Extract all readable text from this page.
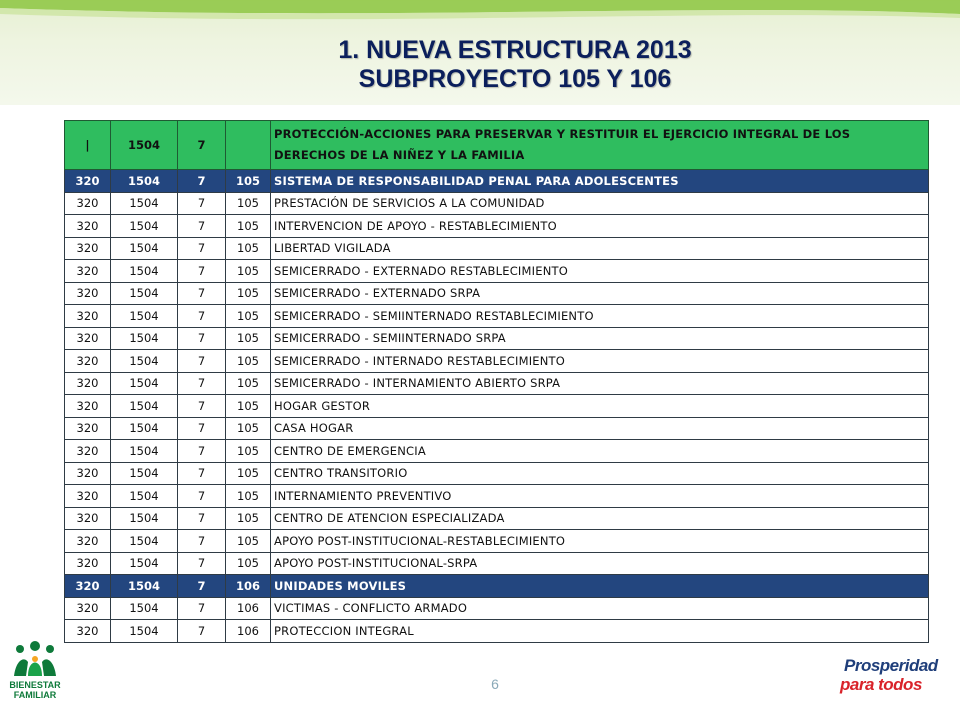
1. NUEVA ESTRUCTURA 2013
SUBPROYECTO 105 Y 106
|	1504	7		PROTECCIÓN-ACCIONES PARA PRESERVAR Y RESTITUIR EL EJERCICIO INTEGRAL DE LOS DERECHOS DE LA NIÑEZ Y LA FAMILIA
320	1504	7	105	SISTEMA DE RESPONSABILIDAD PENAL PARA ADOLESCENTES
320	1504	7	105	PRESTACIÓN DE SERVICIOS A LA COMUNIDAD
320	1504	7	105	INTERVENCION DE APOYO - RESTABLECIMIENTO
320	1504	7	105	LIBERTAD VIGILADA
320	1504	7	105	SEMICERRADO - EXTERNADO RESTABLECIMIENTO
320	1504	7	105	SEMICERRADO - EXTERNADO SRPA
320	1504	7	105	SEMICERRADO - SEMIINTERNADO RESTABLECIMIENTO
320	1504	7	105	SEMICERRADO - SEMIINTERNADO SRPA
320	1504	7	105	SEMICERRADO - INTERNADO RESTABLECIMIENTO
320	1504	7	105	SEMICERRADO - INTERNAMIENTO ABIERTO SRPA
320	1504	7	105	HOGAR GESTOR
320	1504	7	105	CASA HOGAR
320	1504	7	105	CENTRO DE EMERGENCIA
320	1504	7	105	CENTRO TRANSITORIO
320	1504	7	105	INTERNAMIENTO PREVENTIVO
320	1504	7	105	CENTRO DE ATENCION ESPECIALIZADA
320	1504	7	105	APOYO POST-INSTITUCIONAL-RESTABLECIMIENTO
320	1504	7	105	APOYO POST-INSTITUCIONAL-SRPA
320	1504	7	106	UNIDADES MOVILES
320	1504	7	106	VICTIMAS - CONFLICTO ARMADO
320	1504	7	106	PROTECCION INTEGRAL
BIENESTAR
FAMILIAR
6
Prosperidad
para todos
